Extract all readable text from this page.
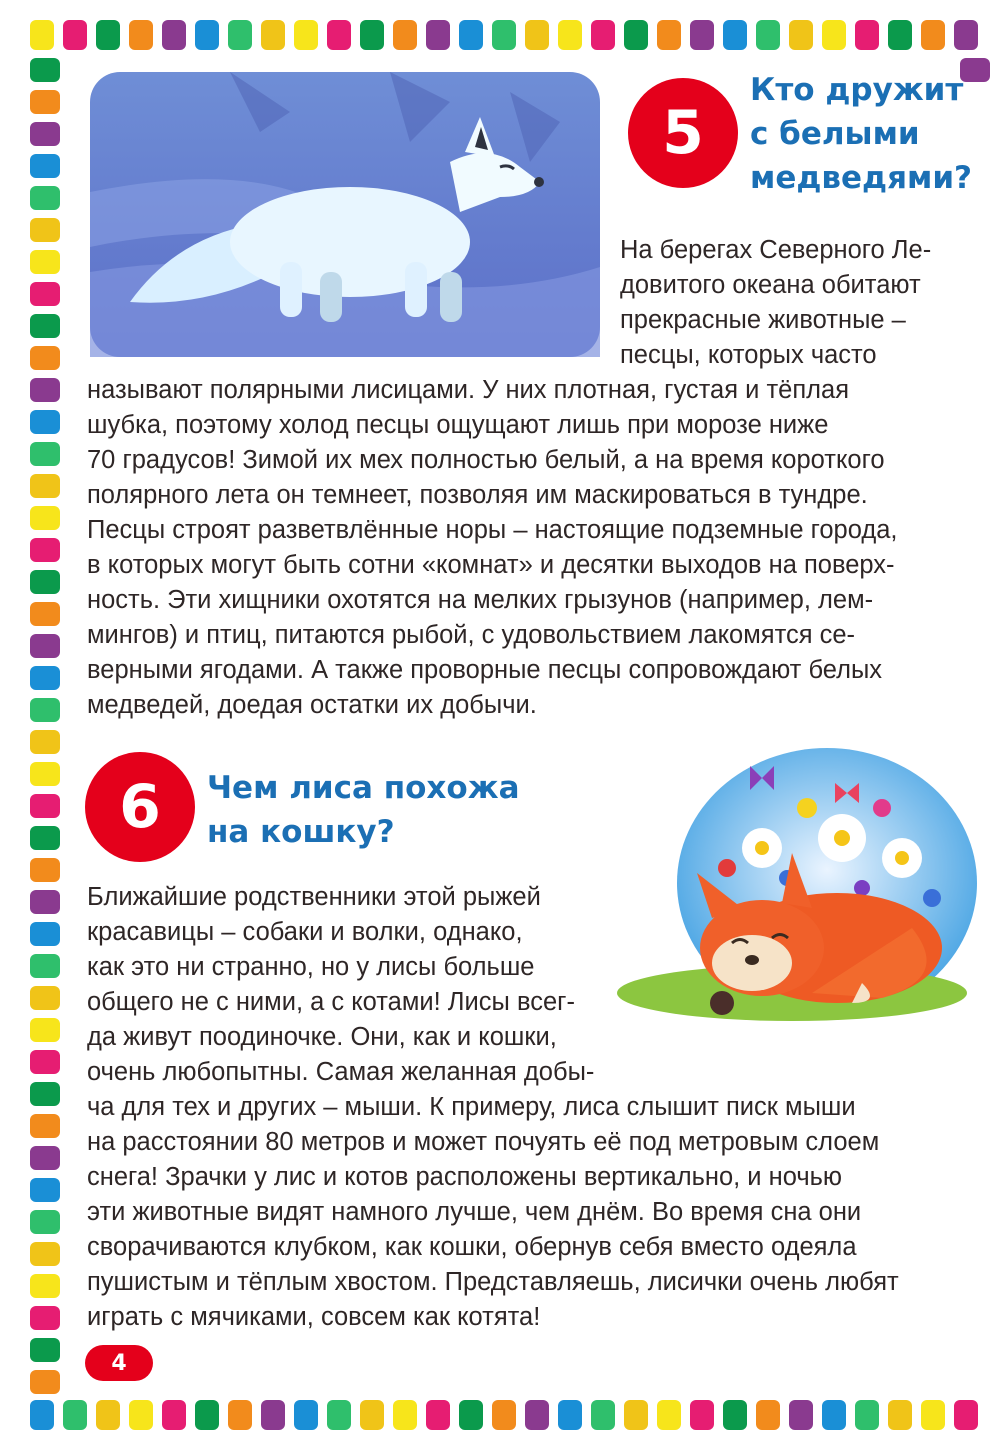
5
Кто дружит
с белыми
медведями?
На берегах Северного Ле-
довитого океана обитают
прекрасные животные –
песцы, которых часто
называют полярными лисицами. У них плотная, густая и тёплая
шубка, поэтому холод песцы ощущают лишь при морозе ниже
70 градусов! Зимой их мех полностью белый, а на время короткого
полярного лета он темнеет, позволяя им маскироваться в тундре.
Песцы строят разветвлённые норы – настоящие подземные города,
в которых могут быть сотни «комнат» и десятки выходов на поверх-
ность. Эти хищники охотятся на мелких грызунов (например, лем-
мингов) и птиц, питаются рыбой, с удовольствием лакомятся се-
верными ягодами. А также проворные песцы сопровождают белых
медведей, доедая остатки их добычи.
6 Чем лиса похожа
на кошку?
Ближайшие родственники этой рыжей
красавицы – собаки и волки, однако,
как это ни странно, но у лисы больше
общего не с ними, а с котами! Лисы всег-
да живут поодиночке. Они, как и кошки,
очень любопытны. Самая желанная добы-
ча для тех и других – мыши. К примеру, лиса слышит писк мыши
на расстоянии 80 метров и может почуять её под метровым слоем
снега! Зрачки у лис и котов расположены вертикально, и ночью
эти животные видят намного лучше, чем днём. Во время сна они
сворачиваются клубком, как кошки, обернув себя вместо одеяла
пушистым и тёплым хвостом. Представляешь, лисички очень любят
играть с мячиками, совсем как котята!
4
